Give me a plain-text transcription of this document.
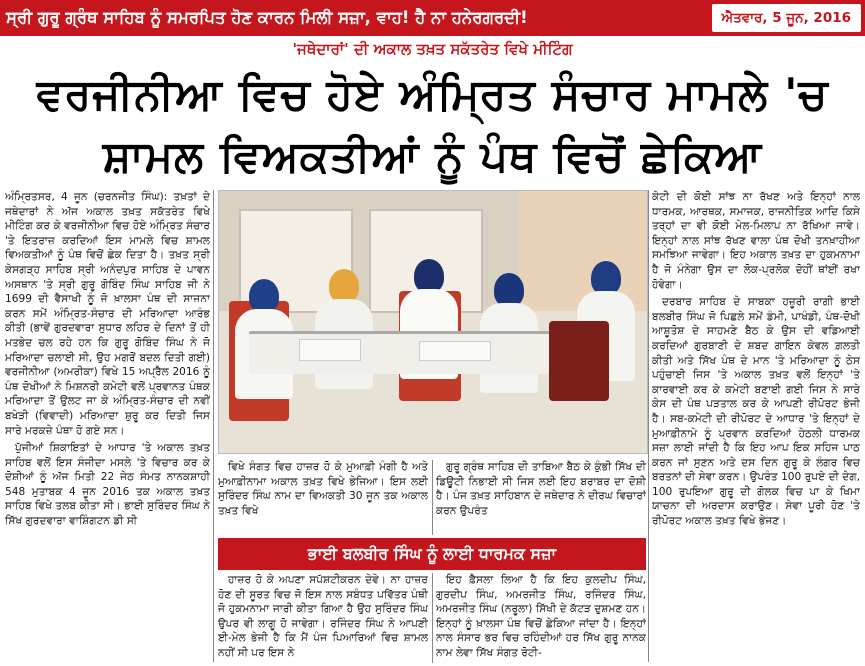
ਸ੍ਰੀ ਗੁਰੂ ਗ੍ਰੰਥ ਸਾਹਿਬ ਨੂੰ ਸਮਰਪਿਤ ਹੋਣ ਕਾਰਨ ਮਿਲੀ ਸਜ਼ਾ, ਵਾਹ! ਹੈ ਨਾ ਹਨੇਰਗਰਦੀ!	ਐਤਵਾਰ, 5 ਜੂਨ, 2016
'ਜਥੇਦਾਰਾਂ' ਦੀ ਅਕਾਲ ਤਖ਼ਤ ਸਕੱਤਰੇਤ ਵਿਖੇ ਮੀਟਿੰਗ
ਵਰਜੀਨੀਆ ਵਿਚ ਹੋਏ ਅੰਮ੍ਰਿਤ ਸੰਚਾਰ ਮਾਮਲੇ 'ਚ
ਸ਼ਾਮਲ ਵਿਅਕਤੀਆਂ ਨੂੰ ਪੰਥ ਵਿਚੋਂ ਛੇਕਿਆ

ਅੰਮ੍ਰਿਤਸਰ, 4 ਜੂਨ (ਚਰਨਜੀਤ ਸਿੰਘ): ਤਖ਼ਤਾਂ ਦੇ ਜਥੇਦਾਰਾਂ ਨੇ ਅੱਜ ਅਕਾਲ ਤਖ਼ਤ ਸਕੱਤਰੇਤ ਵਿਖੇ ਮੀਟਿੰਗ ਕਰ ਕੇ ਵਰਜੀਨੀਆ ਵਿਚ ਹੋਏ ਅੰਮ੍ਰਿਤ ਸੰਚਾਰ 'ਤੇ ਇਤਰਾਜ਼ ਕਰਦਿਆਂ ਇਸ ਮਾਮਲੇ ਵਿਚ ਸ਼ਾਮਲ ਵਿਅਕਤੀਆਂ ਨੂੰ ਪੰਥ ਵਿਚੋਂ ਛੇਕ ਦਿਤਾ ਹੈ। ਤਖ਼ਤ ਸ੍ਰੀ ਕੇਸਗੜ੍ਹ ਸਾਹਿਬ ਸ੍ਰੀ ਅਨੰਦਪੁਰ ਸਾਹਿਬ ਦੇ ਪਾਵਨ ਅਸਥਾਨ 'ਤੇ ਸ੍ਰੀ ਗੁਰੂ ਗੋਬਿੰਦ ਸਿੰਘ ਸਾਹਿਬ ਜੀ ਨੇ 1699 ਦੀ ਵੈਸਾਖੀ ਨੂੰ ਜੋ ਖ਼ਾਲਸਾ ਪੰਥ ਦੀ ਸਾਜਨਾ ਕਰਨ ਸਮੇਂ ਅੰਮ੍ਰਿਤ-ਸੰਚਾਰ ਦੀ ਮਰਿਆਦਾ ਆਰੰਭ ਕੀਤੀ (ਭਾਵੇਂ ਗੁਰਦਵਾਰਾ ਸੁਧਾਰ ਲਹਿਰ ਦੇ ਦਿਨਾਂ ਤੋਂ ਹੀ ਮਤਭੇਦ ਚਲ ਰਹੇ ਹਨ ਕਿ ਗੁਰੂ ਗੋਬਿੰਦ ਸਿੰਘ ਨੇ ਜੋ ਮਰਿਆਦਾ ਚਲਾਈ ਸੀ, ਉਹ ਮਗਰੋਂ ਬਦਲ ਦਿਤੀ ਗਈ) ਵਰਜੀਨੀਆ (ਅਮਰੀਕਾ) ਵਿਖੇ 15 ਅਪ੍ਰੈਲ 2016 ਨੂੰ ਪੰਥ ਦੋਖੀਆਂ ਨੇ ਮਿਸ਼ਨਰੀ ਕਮੇਟੀ ਵਲੋਂ ਪ੍ਰਵਾਨਤ ਪੰਥਕ ਮਰਿਆਦਾ ਤੋਂ ਉਲਟ ਜਾ ਕੇ ਅੰਮ੍ਰਿਤ-ਸੰਚਾਰ ਦੀ ਨਵੀਂ ਬਖੇੜੀ (ਵਿਵਾਦੀ) ਮਰਿਆਦਾ ਸ਼ੁਰੂ ਕਰ ਦਿਤੀ ਜਿਸ ਸਾਰੇ ਮਰਕਜ਼ੇ ਪੰਥਾ ਹੋ ਗਏ ਸਨ।

ਪੁੱਜੀਆਂ ਸ਼ਿਕਾਇਤਾਂ ਦੇ ਆਧਾਰ 'ਤੇ ਅਕਾਲ ਤਖ਼ਤ ਸਾਹਿਬ ਵਲੋਂ ਇਸ ਸੰਜੀਦਾ ਮਸਲੇ 'ਤੇ ਵਿਚਾਰ ਕਰ ਕੇ ਦੋਸ਼ੀਆਂ ਨੂੰ ਅੱਜ ਮਿਤੀ 22 ਜੇਠ ਸੰਮਤ ਨਾਨਕਸ਼ਾਹੀ 548 ਮੁਤਾਬਕ 4 ਜੂਨ 2016 ਤਕ ਅਕਾਲ ਤਖ਼ਤ ਸਾਹਿਬ ਵਿਖੇ ਤਲਬ ਕੀਤਾ ਸੀ। ਭਾਈ ਸੁਰਿੰਦਰ ਸਿੰਘ ਨੇ ਸਿੱਖ ਗੁਰਦਵਾਰਾ ਵਾਸ਼ਿੰਗਟਨ ਡੀ ਸੀ

ਵਿਖੇ ਸੰਗਤ ਵਿਚ ਹਾਜ਼ਰ ਹੋ ਕੇ ਮੁਆਫ਼ੀ ਮੰਗੀ ਹੈ ਅਤੇ ਮੁਆਫ਼ੀਨਾਮਾ ਅਕਾਲ ਤਖ਼ਤ ਵਿਖੇ ਭੇਜਿਆ। ਇਸ ਲਈ ਸੁਰਿੰਦਰ ਸਿੰਘ ਨਾਮ ਦਾ ਵਿਅਕਤੀ 30 ਜੂਨ ਤਕ ਅਕਾਲ ਤਖ਼ਤ ਵਿਖੇ

ਗੁਰੂ ਗ੍ਰੰਥ ਸਾਹਿਬ ਦੀ ਤਾਬਿਆ ਬੈਠ ਕੇ ਕੁੰਭੀ ਸਿੱਖ ਦੀ ਡਿਊਟੀ ਨਿਭਾਈ ਸੀ ਜਿਸ ਲਈ ਇਹ ਬਰਾਬਰ ਦਾ ਦੋਸ਼ੀ ਹੈ। ਪੰਜ ਤਖ਼ਤ ਸਾਹਿਬਾਨ ਦੇ ਜਥੇਦਾਰ ਨੇ ਦੀਰਘ ਵਿਚਾਰਾਂ ਕਰਨ ਉਪਰੰਤ

ਕੇਟੀ ਦੀ ਕੋਈ ਸਾਂਝ ਨਾ ਰੱਖਣ ਅਤੇ ਇਨ੍ਹਾਂ ਨਾਲ ਧਾਰਮਕ, ਆਰਥਕ, ਸਮਾਜਕ, ਰਾਜਨੀਤਿਕ ਆਦਿ ਕਿਸੇ ਤਰ੍ਹਾਂ ਦਾ ਵੀ ਕੋਈ ਮੇਲ-ਮਿਲਾਪ ਨਾ ਰੱਖਿਆ ਜਾਵੇ। ਇਨ੍ਹਾਂ ਨਾਲ ਸਾਂਝ ਰੱਖਣ ਵਾਲਾ ਪੰਥ ਦੋਖੀ ਤਨਖ਼ਾਹੀਆ ਸਮਝਿਆ ਜਾਵੇਗਾ। ਇਹ ਅਕਾਲ ਤਖ਼ਤ ਦਾ ਹੁਕਮਨਾਮਾ ਹੈ ਜੋ ਮੰਨੇਗਾ ਉਸ ਦਾ ਲੋਕ-ਪ੍ਰਲੋਕ ਦੋਹੀਂ ਥਾਂਈਂ ਰਖਾ ਹੋਵੇਗਾ।

ਦਰਬਾਰ ਸਾਹਿਬ ਦੇ ਸਾਬਕਾ ਹਜ਼ੂਰੀ ਰਾਗੀ ਭਾਈ ਬਲਬੀਰ ਸਿੰਘ ਜੋ ਪਿਛਲੇ ਸਮੇਂ ਡੰਮੀ, ਪਾਖੰਡੀ, ਪੰਥ-ਦੋਖੀ ਆਸ਼ੂਤੋਸ਼ ਦੇ ਸਾਹਮਣੇ ਬੈਠ ਕੇ ਉਸ ਦੀ ਵਡਿਆਈ ਕਰਦਿਆਂ ਗੁਰਬਾਣੀ ਦੇ ਸ਼ਬਦ ਗਾਇਨ ਕੇਵਲ ਗ਼ਲਤੀ ਕੀਤੀ ਅਤੇ ਸਿੱਖ ਪੰਥ ਦੇ ਮਾਨ 'ਤੇ ਮਰਿਆਦਾ ਨੂੰ ਠੇਸ ਪਹੁੰਚਾਈ ਜਿਸ 'ਤੇ ਅਕਾਲ ਤਖ਼ਤ ਵਲੋਂ ਇਨ੍ਹਾਂ 'ਤੇ ਕਾਰਵਾਈ ਕਰ ਕੇ ਕਮੇਟੀ ਬਣਾਈ ਗਈ ਜਿਸ ਨੇ ਸਾਰੇ ਕੇਸ ਦੀ ਪੰਥ ਪੜਤਾਲ ਕਰ ਕੇ ਆਪਣੀ ਰੀਪੋਰਟ ਭੇਜੀ ਹੈ। ਸਬ-ਕਮੇਟੀ ਦੀ ਰੀਪੋਰਟ ਦੇ ਆਧਾਰ 'ਤੇ ਇਨ੍ਹਾਂ ਦੇ ਮੁਆਫ਼ੀਨਾਮੇ ਨੂੰ ਪ੍ਰਵਾਨ ਕਰਦਿਆਂ ਹੇਠਲੀ ਧਾਰਮਕ ਸਜ਼ਾ ਲਾਈ ਜਾਂਦੀ ਹੈ ਕਿ ਇਹ ਆਪ ਇਕ ਸਹਿਜ ਪਾਠ ਕਰਨ ਜਾਂ ਸੁਣਨ ਅਤੇ ਦਸ ਦਿਨ ਗੁਰੂ ਕੇ ਲੰਗਰ ਵਿਚ ਬਰਤਨਾਂ ਦੀ ਸੇਵਾ ਕਰਨ। ਉਪਰੰਤ 100 ਰੁਪਏ ਦੀ ਦੇਗ, 100 ਰੁਪਇਆ ਗੁਰੂ ਦੀ ਗੋਲਕ ਵਿਚ ਪਾ ਕੇ ਖਿਮਾ ਯਾਚਨਾ ਦੀ ਅਰਦਾਸ ਕਰਾਉਣ। ਸੇਵਾ ਪੂਰੀ ਹੋਣ 'ਤੇ ਰੀਪੋਰਟ ਅਕਾਲ ਤਖ਼ਤ ਵਿਖੇ ਭੇਜਣ।

ਭਾਈ ਬਲਬੀਰ ਸਿੰਘ ਨੂੰ ਲਾਈ ਧਾਰਮਕ ਸਜ਼ਾ

ਹਾਜ਼ਰ ਹੋ ਕੇ ਅਪਣਾ ਸਪੱਸ਼ਟੀਕਰਨ ਦੇਵੇ। ਨਾ ਹਾਜ਼ਰ ਹੋਣ ਦੀ ਸੂਰਤ ਵਿਚ ਜੋ ਇਸ ਨਾਲ ਸਬੰਧਤ ਪਵਿੱਤਰ ਪੰਥੀ ਜੋ ਹੁਕਮਨਾਮਾ ਜਾਰੀ ਕੀਤਾ ਗਿਆ ਹੈ ਉਹ ਸੁਰਿੰਦਰ ਸਿੰਘ ਉਪਰ ਵੀ ਲਾਗੂ ਹੋ ਜਾਵੇਗਾ। ਰਜਿੰਦਰ ਸਿੰਘ ਨੇ ਆਪਣੀ ਈ-ਮੇਲ ਭੇਜੀ ਹੈ ਕਿ ਮੈਂ ਪੰਜ ਪਿਆਰਿਆਂ ਵਿਚ ਸ਼ਾਮਲ ਨਹੀਂ ਸੀ ਪਰ ਇਸ ਨੇ

ਇਹ ਫ਼ੈਸਲਾ ਲਿਆ ਹੈ ਕਿ ਇਹ ਕੁਲਦੀਪ ਸਿੰਘ, ਗੁਰਦੀਪ ਸਿੰਘ, ਅਮਰਜੀਤ ਸਿੰਘ, ਰਜਿੰਦਰ ਸਿੰਘ, ਅਮਰਜੀਤ ਸਿੰਘ (ਨਰੂਲਾ) ਸਿੱਖੀ ਦੇ ਕੱਟੜ ਦੁਸ਼ਮਣ ਹਨ। ਇਨ੍ਹਾਂ ਨੂੰ ਖ਼ਾਲਸਾ ਪੰਥ ਵਿਚੋਂ ਛੇਕਿਆ ਜਾਂਦਾ ਹੈ। ਇਨ੍ਹਾਂ ਨਾਲ ਸੰਸਾਰ ਭਰ ਵਿਚ ਰਹਿੰਦੀਆਂ ਹਰ ਸਿੱਖ ਗੁਰੂ ਨਾਨਕ ਨਾਮ ਲੇਵਾ ਸਿੱਖ ਸੰਗਤ ਰੋਟੀ-
